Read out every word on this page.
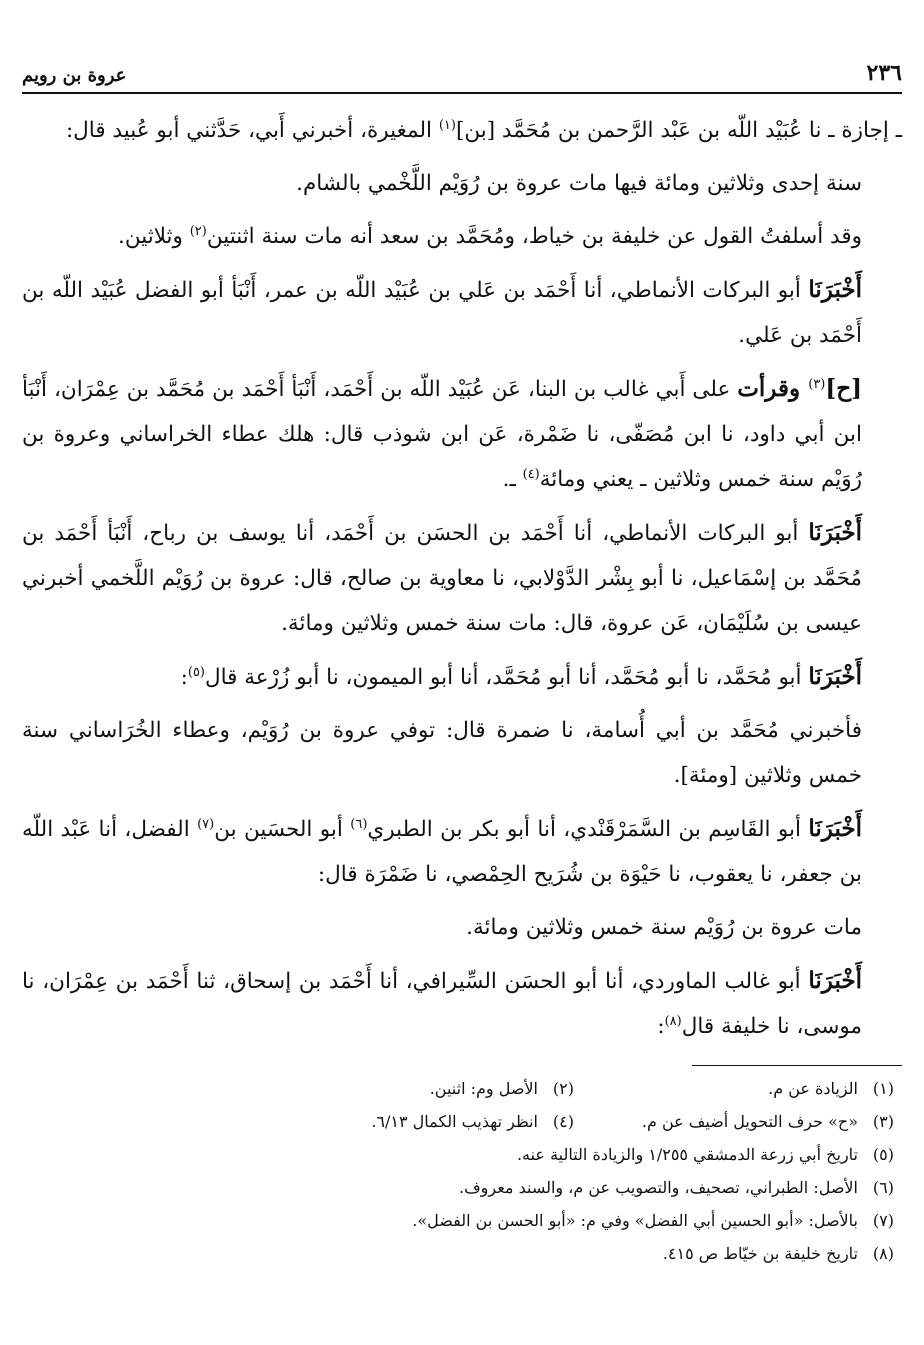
٢٣٦
عروة بن رويم

ـ إجازة ـ نا عُبَيْد اللّه بن عَبْد الرَّحمن بن مُحَمَّد [بن]$^{(١)}$ المغيرة، أخبرني أَبي، حَدَّثني أبو عُبيد قال:

سنة إحدى وثلاثين ومائة فيها مات عروة بن رُوَيْم اللَّخْمي بالشام.

وقد أسلفتُ القول عن خليفة بن خياط، ومُحَمَّد بن سعد أنه مات سنة اثنتين$^{(٢)}$ وثلاثين.

أَخْبَرَنَا أبو البركات الأنماطي، أنا أَحْمَد بن عَلي بن عُبَيْد اللّه بن عمر، أَنْبَأ أبو الفضل عُبَيْد اللّه بن أَحْمَد بن عَلي.

[ح]$^{(٣)}$ وقرأت على أَبي غالب بن البنا، عَن عُبَيْد اللّه بن أَحْمَد، أَنْبَأ أَحْمَد بن مُحَمَّد بن عِمْرَان، أَنْبَأ ابن أبي داود، نا ابن مُصَفّى، نا ضَمْرة، عَن ابن شوذب قال: هلك عطاء الخراساني وعروة بن رُوَيْم سنة خمس وثلاثين ـ يعني ومائة$^{(٤)}$ ـ.

أَخْبَرَنَا أبو البركات الأنماطي، أنا أَحْمَد بن الحسَن بن أَحْمَد، أنا يوسف بن رباح، أَنْبَأ أَحْمَد بن مُحَمَّد بن إسْمَاعيل، نا أبو بِشْر الدَّوْلابي، نا معاوية بن صالح، قال: عروة بن رُوَيْم اللَّخمي أخبرني عيسى بن سُلَيْمَان، عَن عروة، قال: مات سنة خمس وثلاثين ومائة.

أَخْبَرَنَا أبو مُحَمَّد، نا أبو مُحَمَّد، أنا أبو مُحَمَّد، أنا أبو الميمون، نا أبو زُرْعة قال$^{(٥)}$:

فأخبرني مُحَمَّد بن أبي أُسامة، نا ضمرة قال: توفي عروة بن رُوَيْم، وعطاء الخُرَاساني سنة خمس وثلاثين [ومئة].

أَخْبَرَنَا أبو القَاسِم بن السَّمَرْقَنْدي، أنا أبو بكر بن الطبري$^{(٦)}$ أبو الحسَين بن$^{(٧)}$ الفضل، أنا عَبْد اللّه بن جعفر، نا يعقوب، نا حَيْوَة بن شُرَيح الحِمْصي، نا ضَمْرَة قال:

مات عروة بن رُوَيْم سنة خمس وثلاثين ومائة.

أَخْبَرَنَا أبو غالب الماوردي، أنا أبو الحسَن السِّيرافي، أنا أَحْمَد بن إسحاق، ثنا أَحْمَد بن عِمْرَان، نا موسى، نا خليفة قال$^{(٨)}$:

(١)الزيادة عن م.
(٢)الأصل وم: اثنين.
(٣)«ح» حرف التحويل أضيف عن م.
(٤)انظر تهذيب الكمال ٦/١٣.
(٥)تاريخ أبي زرعة الدمشقي ١/٢٥٥ والزيادة التالية عنه.
(٦)الأصل: الطبراني، تصحيف، والتصويب عن م، والسند معروف.
(٧)بالأصل: «أبو الحسين أبي الفضل» وفي م: «أبو الحسن بن الفضل».
(٨)تاريخ خليفة بن خيّاط ص ٤١٥.
